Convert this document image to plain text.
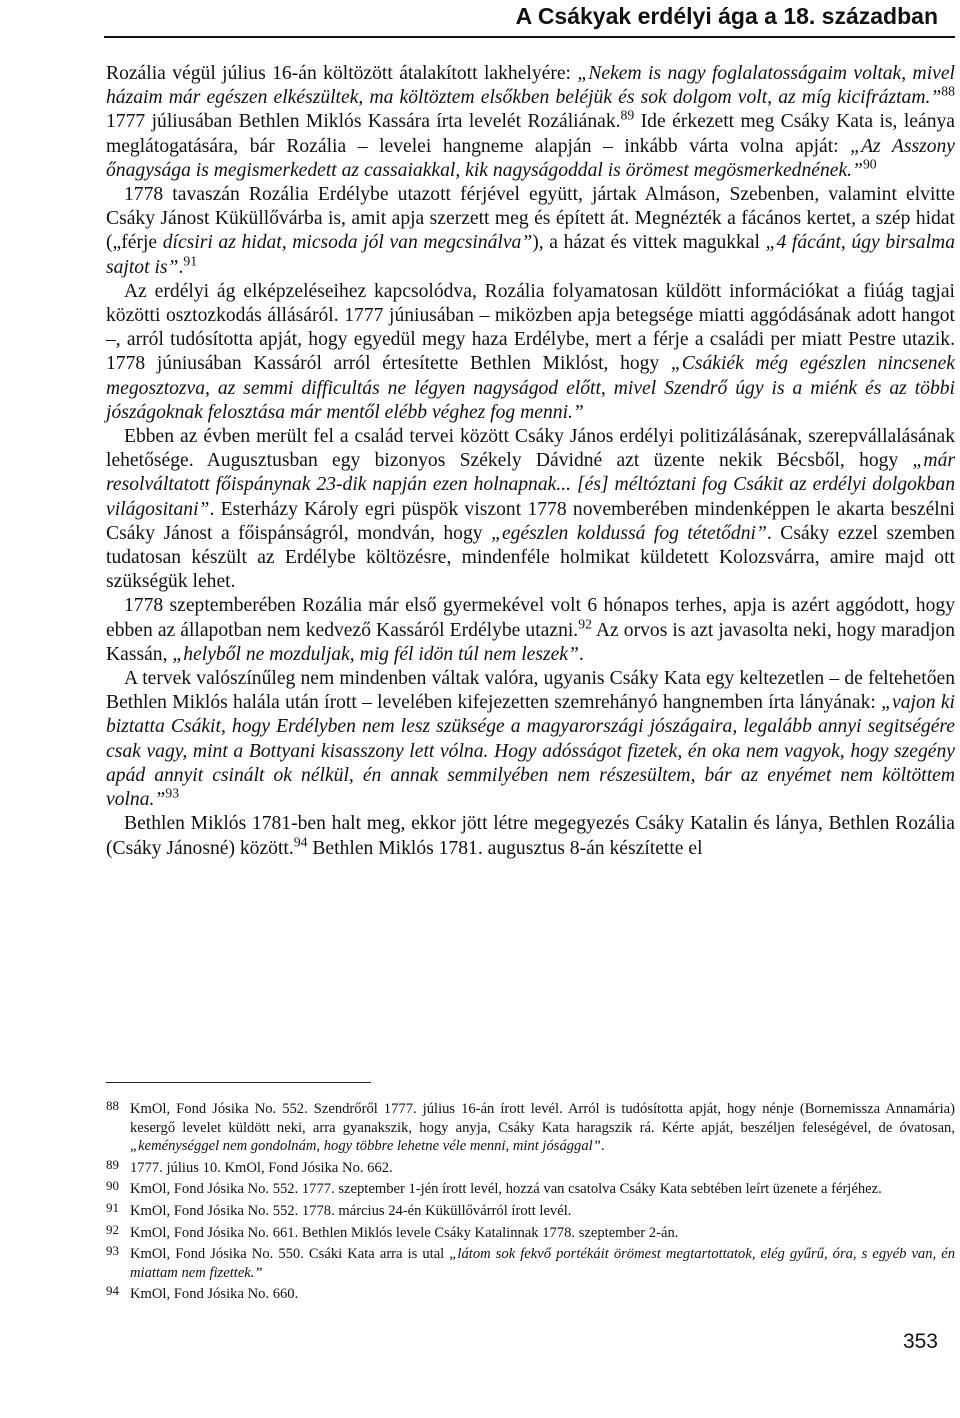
A Csákyak erdélyi ága a 18. században

Rozália végül július 16-án költözött átalakított lakhelyére: „Nekem is nagy foglalatosságaim voltak, mivel házaim már egészen elkészültek, ma költöztem elsőkben beléjük és sok dolgom volt, az míg kicifráztam.”$^{88}$ 1777 júliusában Bethlen Miklós Kassára írta levelét Rozáliának.$^{89}$ Ide érkezett meg Csáky Kata is, leánya meglátogatására, bár Rozália – levelei hangneme alapján – inkább várta volna apját: „Az Asszony őnagysága is megismerkedett az cassaiakkal, kik nagyságoddal is örömest megösmerkednének.”$^{90}$

1778 tavaszán Rozália Erdélybe utazott férjével együtt, jártak Almáson, Szebenben, valamint elvitte Csáky Jánost Küküllővárba is, amit apja szerzett meg és épített át. Megnézték a fácános kertet, a szép hidat („férje dícsiri az hidat, micsoda jól van megcsinálva”), a házat és vittek magukkal „4 fácánt, úgy birsalma sajtot is”.$^{91}$

Az erdélyi ág elképzeléseihez kapcsolódva, Rozália folyamatosan küldött információkat a fiúág tagjai közötti osztozkodás állásáról. 1777 júniusában – miközben apja betegsége miatti aggódásának adott hangot –, arról tudósította apját, hogy egyedül megy haza Erdélybe, mert a férje a családi per miatt Pestre utazik. 1778 júniusában Kassáról arról értesítette Bethlen Miklóst, hogy „Csákiék még egészlen nincsenek megosztozva, az semmi difficultás ne légyen nagyságod előtt, mivel Szendrő úgy is a miénk és az többi jószágoknak felosztása már mentől elébb véghez fog menni.”

Ebben az évben merült fel a család tervei között Csáky János erdélyi politizálásának, szerepvállalásának lehetősége. Augusztusban egy bizonyos Székely Dávidné azt üzente nekik Bécsből, hogy „már resolváltatott főispánynak 23-dik napján ezen holnapnak... [és] méltóztani fog Csákit az erdélyi dolgokban világositani”. Esterházy Károly egri püspök viszont 1778 novemberében mindenképpen le akarta beszélni Csáky Jánost a főispánságról, mondván, hogy „egészlen koldussá fog tétetődni”. Csáky ezzel szemben tudatosan készült az Erdélybe költözésre, mindenféle holmikat küldetett Kolozsvárra, amire majd ott szükségük lehet.

1778 szeptemberében Rozália már első gyermekével volt 6 hónapos terhes, apja is azért aggódott, hogy ebben az állapotban nem kedvező Kassáról Erdélybe utazni.$^{92}$ Az orvos is azt javasolta neki, hogy maradjon Kassán, „helyből ne mozduljak, mig fél idön túl nem leszek”.

A tervek valószínűleg nem mindenben váltak valóra, ugyanis Csáky Kata egy keltezetlen – de feltehetően Bethlen Miklós halála után írott – levelében kifejezetten szemrehányó hangnemben írta lányának: „vajon ki biztatta Csákit, hogy Erdélyben nem lesz szüksége a magyarországi jószágaira, legalább annyi segitségére csak vagy, mint a Bottyani kisasszony lett vólna. Hogy adósságot fizetek, én oka nem vagyok, hogy szegény apád annyit csinált ok nélkül, én annak semmilyében nem részesültem, bár az enyémet nem költöttem volna.”$^{93}$

Bethlen Miklós 1781-ben halt meg, ekkor jött létre megegyezés Csáky Katalin és lánya, Bethlen Rozália (Csáky Jánosné) között.$^{94}$ Bethlen Miklós 1781. augusztus 8-án készítette el

88 KmOl, Fond Jósika No. 552. Szendrőről 1777. július 16-án írott levél. Arról is tudósította apját, hogy nénje (Bornemissza Annamária) kesergő levelet küldött neki, arra gyanakszik, hogy anyja, Csáky Kata haragszik rá. Kérte apját, beszéljen feleségével, de óvatosan, „keménységgel nem gondolnám, hogy többre lehetne véle menni, mint jósággal”.
89 1777. július 10. KmOl, Fond Jósika No. 662.
90 KmOl, Fond Jósika No. 552. 1777. szeptember 1-jén írott levél, hozzá van csatolva Csáky Kata sebtében leírt üzenete a férjéhez.
91 KmOl, Fond Jósika No. 552. 1778. március 24-én Küküllővárról írott levél.
92 KmOl, Fond Jósika No. 661. Bethlen Miklós levele Csáky Katalinnak 1778. szeptember 2-án.
93 KmOl, Fond Jósika No. 550. Csáki Kata arra is utal „látom sok fekvő portékáit örömest megtartottatok, elég gyűrű, óra, s egyéb van, én miattam nem fizettek.”
94 KmOl, Fond Jósika No. 660.
353
